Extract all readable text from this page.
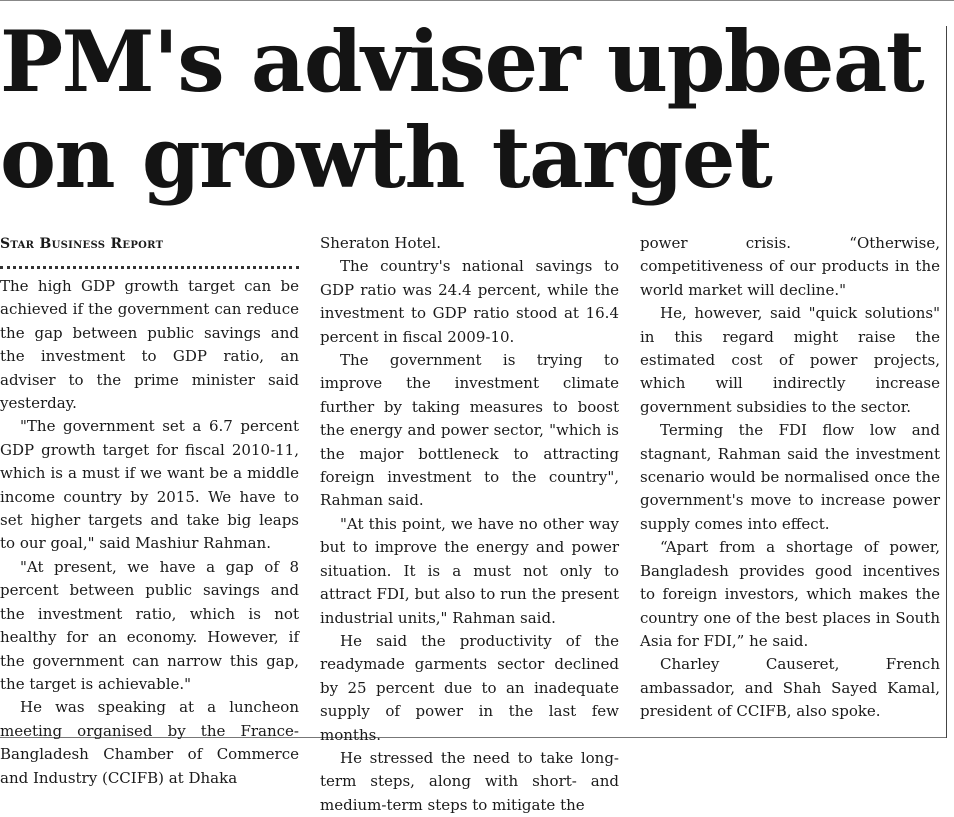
PM's adviser upbeat on growth target
Star Business Report

The high GDP growth target can be achieved if the government can reduce the gap between public savings and the investment to GDP ratio, an adviser to the prime minister said yesterday.

"The government set a 6.7 percent GDP growth target for fiscal 2010-11, which is a must if we want be a middle income country by 2015. We have to set higher targets and take big leaps to our goal," said Mashiur Rahman.

"At present, we have a gap of 8 percent between public savings and the investment ratio, which is not healthy for an economy. However, if the government can narrow this gap, the target is achievable."

He was speaking at a luncheon meeting organised by the France-Bangladesh Chamber of Commerce and Industry (CCIFB) at Dhaka

Sheraton Hotel.

The country's national savings to GDP ratio was 24.4 percent, while the investment to GDP ratio stood at 16.4 percent in fiscal 2009-10.

The government is trying to improve the investment climate further by taking measures to boost the energy and power sector, "which is the major bottleneck to attracting foreign investment to the country", Rahman said.

"At this point, we have no other way but to improve the energy and power situation. It is a must not only to attract FDI, but also to run the present industrial units," Rahman said.

He said the productivity of the readymade garments sector declined by 25 percent due to an inadequate supply of power in the last few months.

He stressed the need to take long-term steps, along with short- and medium-term steps to mitigate the

power crisis. “Otherwise, competitiveness of our products in the world market will decline."

He, however, said "quick solutions" in this regard might raise the estimated cost of power projects, which will indirectly increase government subsidies to the sector.

Terming the FDI flow low and stagnant, Rahman said the investment scenario would be normalised once the government's move to increase power supply comes into effect.

“Apart from a shortage of power, Bangladesh provides good incentives to foreign investors, which makes the country one of the best places in South Asia for FDI,” he said.

Charley Causeret, French ambassador, and Shah Sayed Kamal, president of CCIFB, also spoke.
